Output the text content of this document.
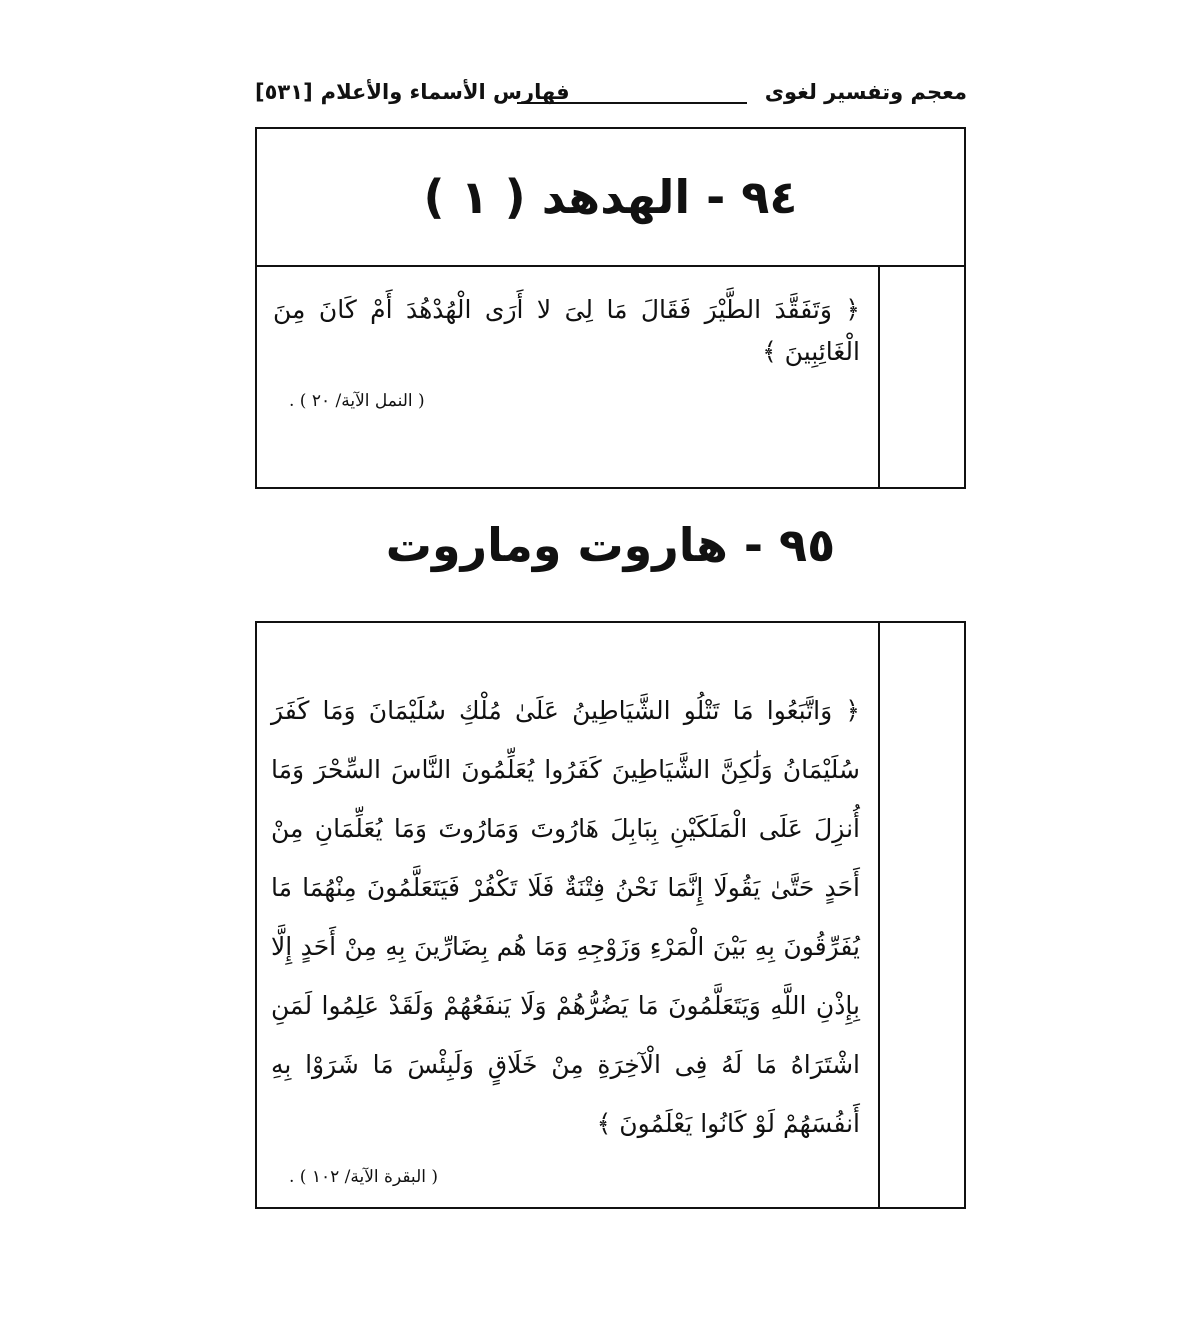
معجم وتفسير لغوى
فهارس الأسماء والأعلام[٥٣١]
٩٤ - الهدهد ( ١ )

﴿ وَتَفَقَّدَ الطَّيْرَ فَقَالَ مَا لِىَ لا أَرَى الْهُدْهُدَ أَمْ كَانَ مِنَ الْغَائِبِينَ ﴾

( النمل الآية/ ٢٠ ) .
٩٥ - هاروت وماروت

﴿ وَاتَّبَعُوا مَا تَتْلُو الشَّيَاطِينُ عَلَىٰ مُلْكِ سُلَيْمَانَ وَمَا كَفَرَ سُلَيْمَانُ وَلَٰكِنَّ الشَّيَاطِينَ كَفَرُوا يُعَلِّمُونَ النَّاسَ السِّحْرَ وَمَا أُنزِلَ عَلَى الْمَلَكَيْنِ بِبَابِلَ هَارُوتَ وَمَارُوتَ وَمَا يُعَلِّمَانِ مِنْ أَحَدٍ حَتَّىٰ يَقُولَا إِنَّمَا نَحْنُ فِتْنَةٌ فَلَا تَكْفُرْ فَيَتَعَلَّمُونَ مِنْهُمَا مَا يُفَرِّقُونَ بِهِ بَيْنَ الْمَرْءِ وَزَوْجِهِ وَمَا هُم بِضَارِّينَ بِهِ مِنْ أَحَدٍ إِلَّا بِإِذْنِ اللَّهِ وَيَتَعَلَّمُونَ مَا يَضُرُّهُمْ وَلَا يَنفَعُهُمْ وَلَقَدْ عَلِمُوا لَمَنِ اشْتَرَاهُ مَا لَهُ فِى الْآخِرَةِ مِنْ خَلَاقٍ وَلَبِئْسَ مَا شَرَوْا بِهِ أَنفُسَهُمْ لَوْ كَانُوا يَعْلَمُونَ ﴾

( البقرة الآية/ ١٠٢ ) .
